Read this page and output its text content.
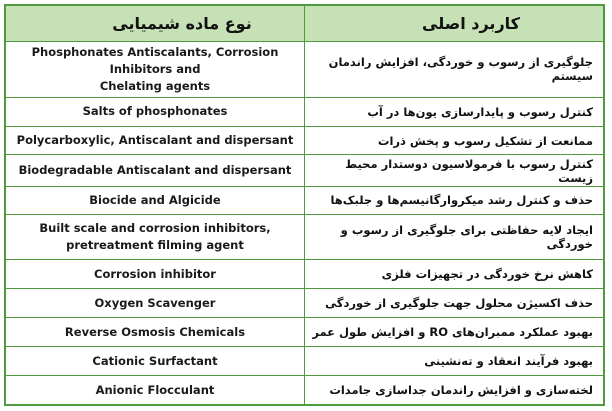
نوع ماده شیمیایی	کاربرد اصلی
Phosphonates Antiscalants, Corrosion Inhibitors and
Chelating agents	جلوگیری از رسوب و خوردگی، افزایش راندمان سیستم
Salts of phosphonates	کنترل رسوب و پایدارسازی یون‌ها در آب
Polycarboxylic, Antiscalant and dispersant	ممانعت از تشکیل رسوب و پخش ذرات
Biodegradable Antiscalant and dispersant	کنترل رسوب با فرمولاسیون دوستدار محیط زیست
Biocide and Algicide	حذف و کنترل رشد میکروارگانیسم‌ها و جلبک‌ها
Built scale and corrosion inhibitors,
pretreatment filming agent	ایجاد لایه حفاظتی برای جلوگیری از رسوب و خوردگی
Corrosion inhibitor	کاهش نرخ خوردگی در تجهیزات فلزی
Oxygen Scavenger	حذف اکسیژن محلول جهت جلوگیری از خوردگی
Reverse Osmosis Chemicals	بهبود عملکرد ممبران‌های RO و افزایش طول عمر
Cationic Surfactant	بهبود فرآیند انعقاد و ته‌نشینی
Anionic Flocculant	لخته‌سازی و افزایش راندمان جداسازی جامدات
